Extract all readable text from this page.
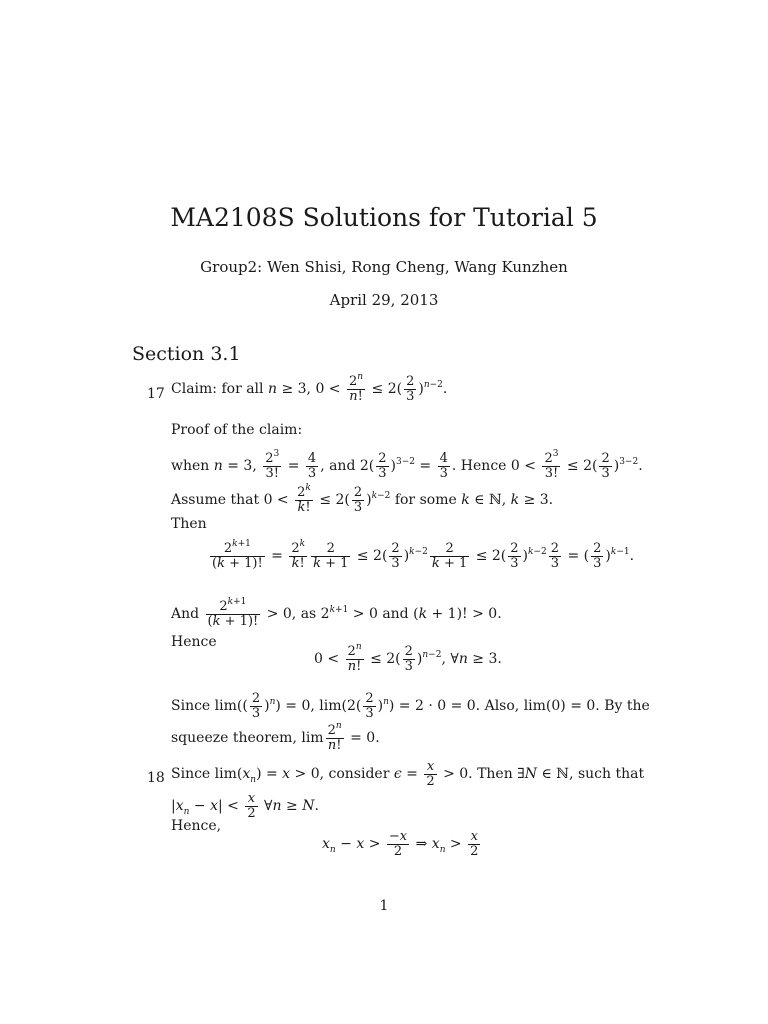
MA2108S Solutions for Tutorial 5
Group2: Wen Shisi, Rong Cheng, Wang Kunzhen
April 29, 2013
Section 3.1
17 Claim: for all n ≥ 3, $0 < \frac{2^n}{n!} \le 2( \frac{2}{3} )^{n-2}$.
Proof of the claim:
when n = 3, $\frac{2^3}{3!} = \frac{4}{3}$ , and $2( \frac{2}{3} )^{3-2} = \frac{4}{3}$ . Hence $0 < \frac{2^3}{3!} \le 2( \frac{2}{3} )^{3-2}$.
Assume that $0 < \frac{2^k}{k!} \le 2( \frac{2}{3} )^{k-2}$ for some k ∈ ℕ, k ≥ 3.
Then
$\frac{2^{k+1}}{(k + 1)!} = \frac{2^k}{k!} \frac{2}{k + 1} \le 2( \frac{2}{3} )^{k-2} \frac{2}{k + 1} \le 2( \frac{2}{3} )^{k-2} \frac{2}{3}$ = ( $\frac{2}{3} )^{k-1}$.
And $\frac{2^{k+1}}{(k + 1)!} > 0$, as $2^{k+1} > 0$ and (k + 1)! > 0.
Hence
$0 < \frac{2^n}{n!} \le 2( \frac{2}{3} )^{n-2}$, ∀n ≥ 3.
Since $\lim(( \frac{2}{3} )^n) = 0$, $\lim(2( \frac{2}{3} )^n) = 2 \cdot 0 = 0$. Also, lim(0) = 0. By the
squeeze theorem, $\lim \frac{2^n}{n!} = 0$.
18 Since $\lim(x_n) = x > 0$, consider $\epsilon = \frac{x}{2} > 0$. Then ∃N ∈ ℕ, such that
$|x_n - x| < \frac{x}{2}$ ∀n ≥ N.
Hence,
$x_n - x > \frac{-x}{2}$ ⇒ $x_n > \frac{x}{2}$
1
